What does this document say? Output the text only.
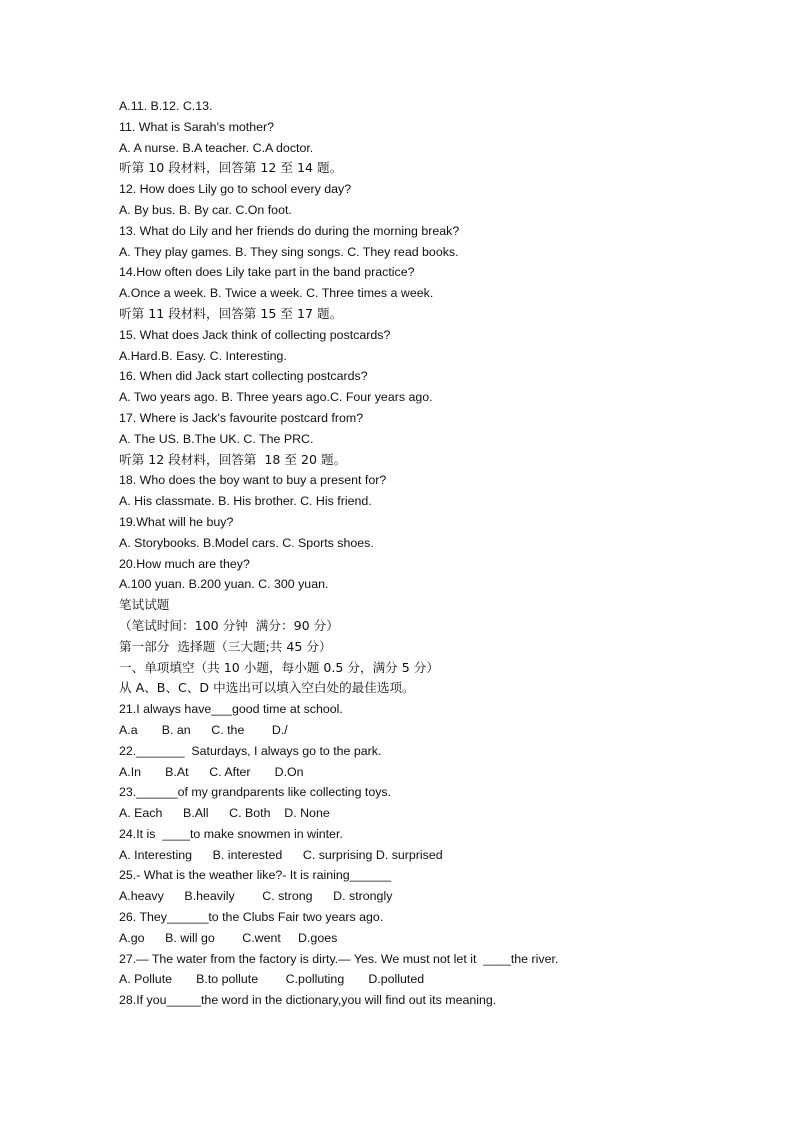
A.11. B.12. C.13.
11. What is Sarah's mother?
A. A nurse. B.A teacher. C.A doctor.
听第 10 段材料，回答第 12 至 14 题。
12. How does Lily go to school every day?
A. By bus. B. By car. C.On foot.
13. What do Lily and her friends do during the morning break?
A. They play games. B. They sing songs. C. They read books.
14.How often does Lily take part in the band practice?
A.Once a week. B. Twice a week. C. Three times a week.
听第 11 段材料，回答第 15 至 17 题。
15. What does Jack think of collecting postcards?
A.Hard.B. Easy. C. Interesting.
16. When did Jack start collecting postcards?
A. Two years ago. B. Three years ago.C. Four years ago.
17. Where is Jack's favourite postcard from?
A. The US. B.The UK. C. The PRC.
听第 12 段材料，回答第  18 至 20 题。
18. Who does the boy want to buy a present for?
A. His classmate. B. His brother. C. His friend.
19.What will he buy?
A. Storybooks. B.Model cars. C. Sports shoes.
20.How much are they?
A.100 yuan. B.200 yuan. C. 300 yuan.
笔试试题
（笔试时间：100 分钟  满分：90 分）
第一部分  选择题（三大题;共 45 分）
一、单项填空（共 10 小题，每小题 0.5 分，满分 5 分）
从 A、B、C、D 中选出可以填入空白处的最佳选项。
21.I always have___good time at school.
A.a       B. an      C. the        D./
22._______  Saturdays, I always go to the park.
A.In       B.At      C. After       D.On
23.______of my grandparents like collecting toys.
A. Each      B.All      C. Both    D. None
24.It is  ____to make snowmen in winter.
A. Interesting      B. interested      C. surprising D. surprised
25.- What is the weather like?- It is raining______
A.heavy      B.heavily        C. strong      D. strongly
26. They______to the Clubs Fair two years ago.
A.go      B. will go        C.went     D.goes
27.— The water from the factory is dirty.— Yes. We must not let it  ____the river.
A. Pollute       B.to pollute        C.polluting       D.polluted
28.If you_____the word in the dictionary,you will find out its meaning.
